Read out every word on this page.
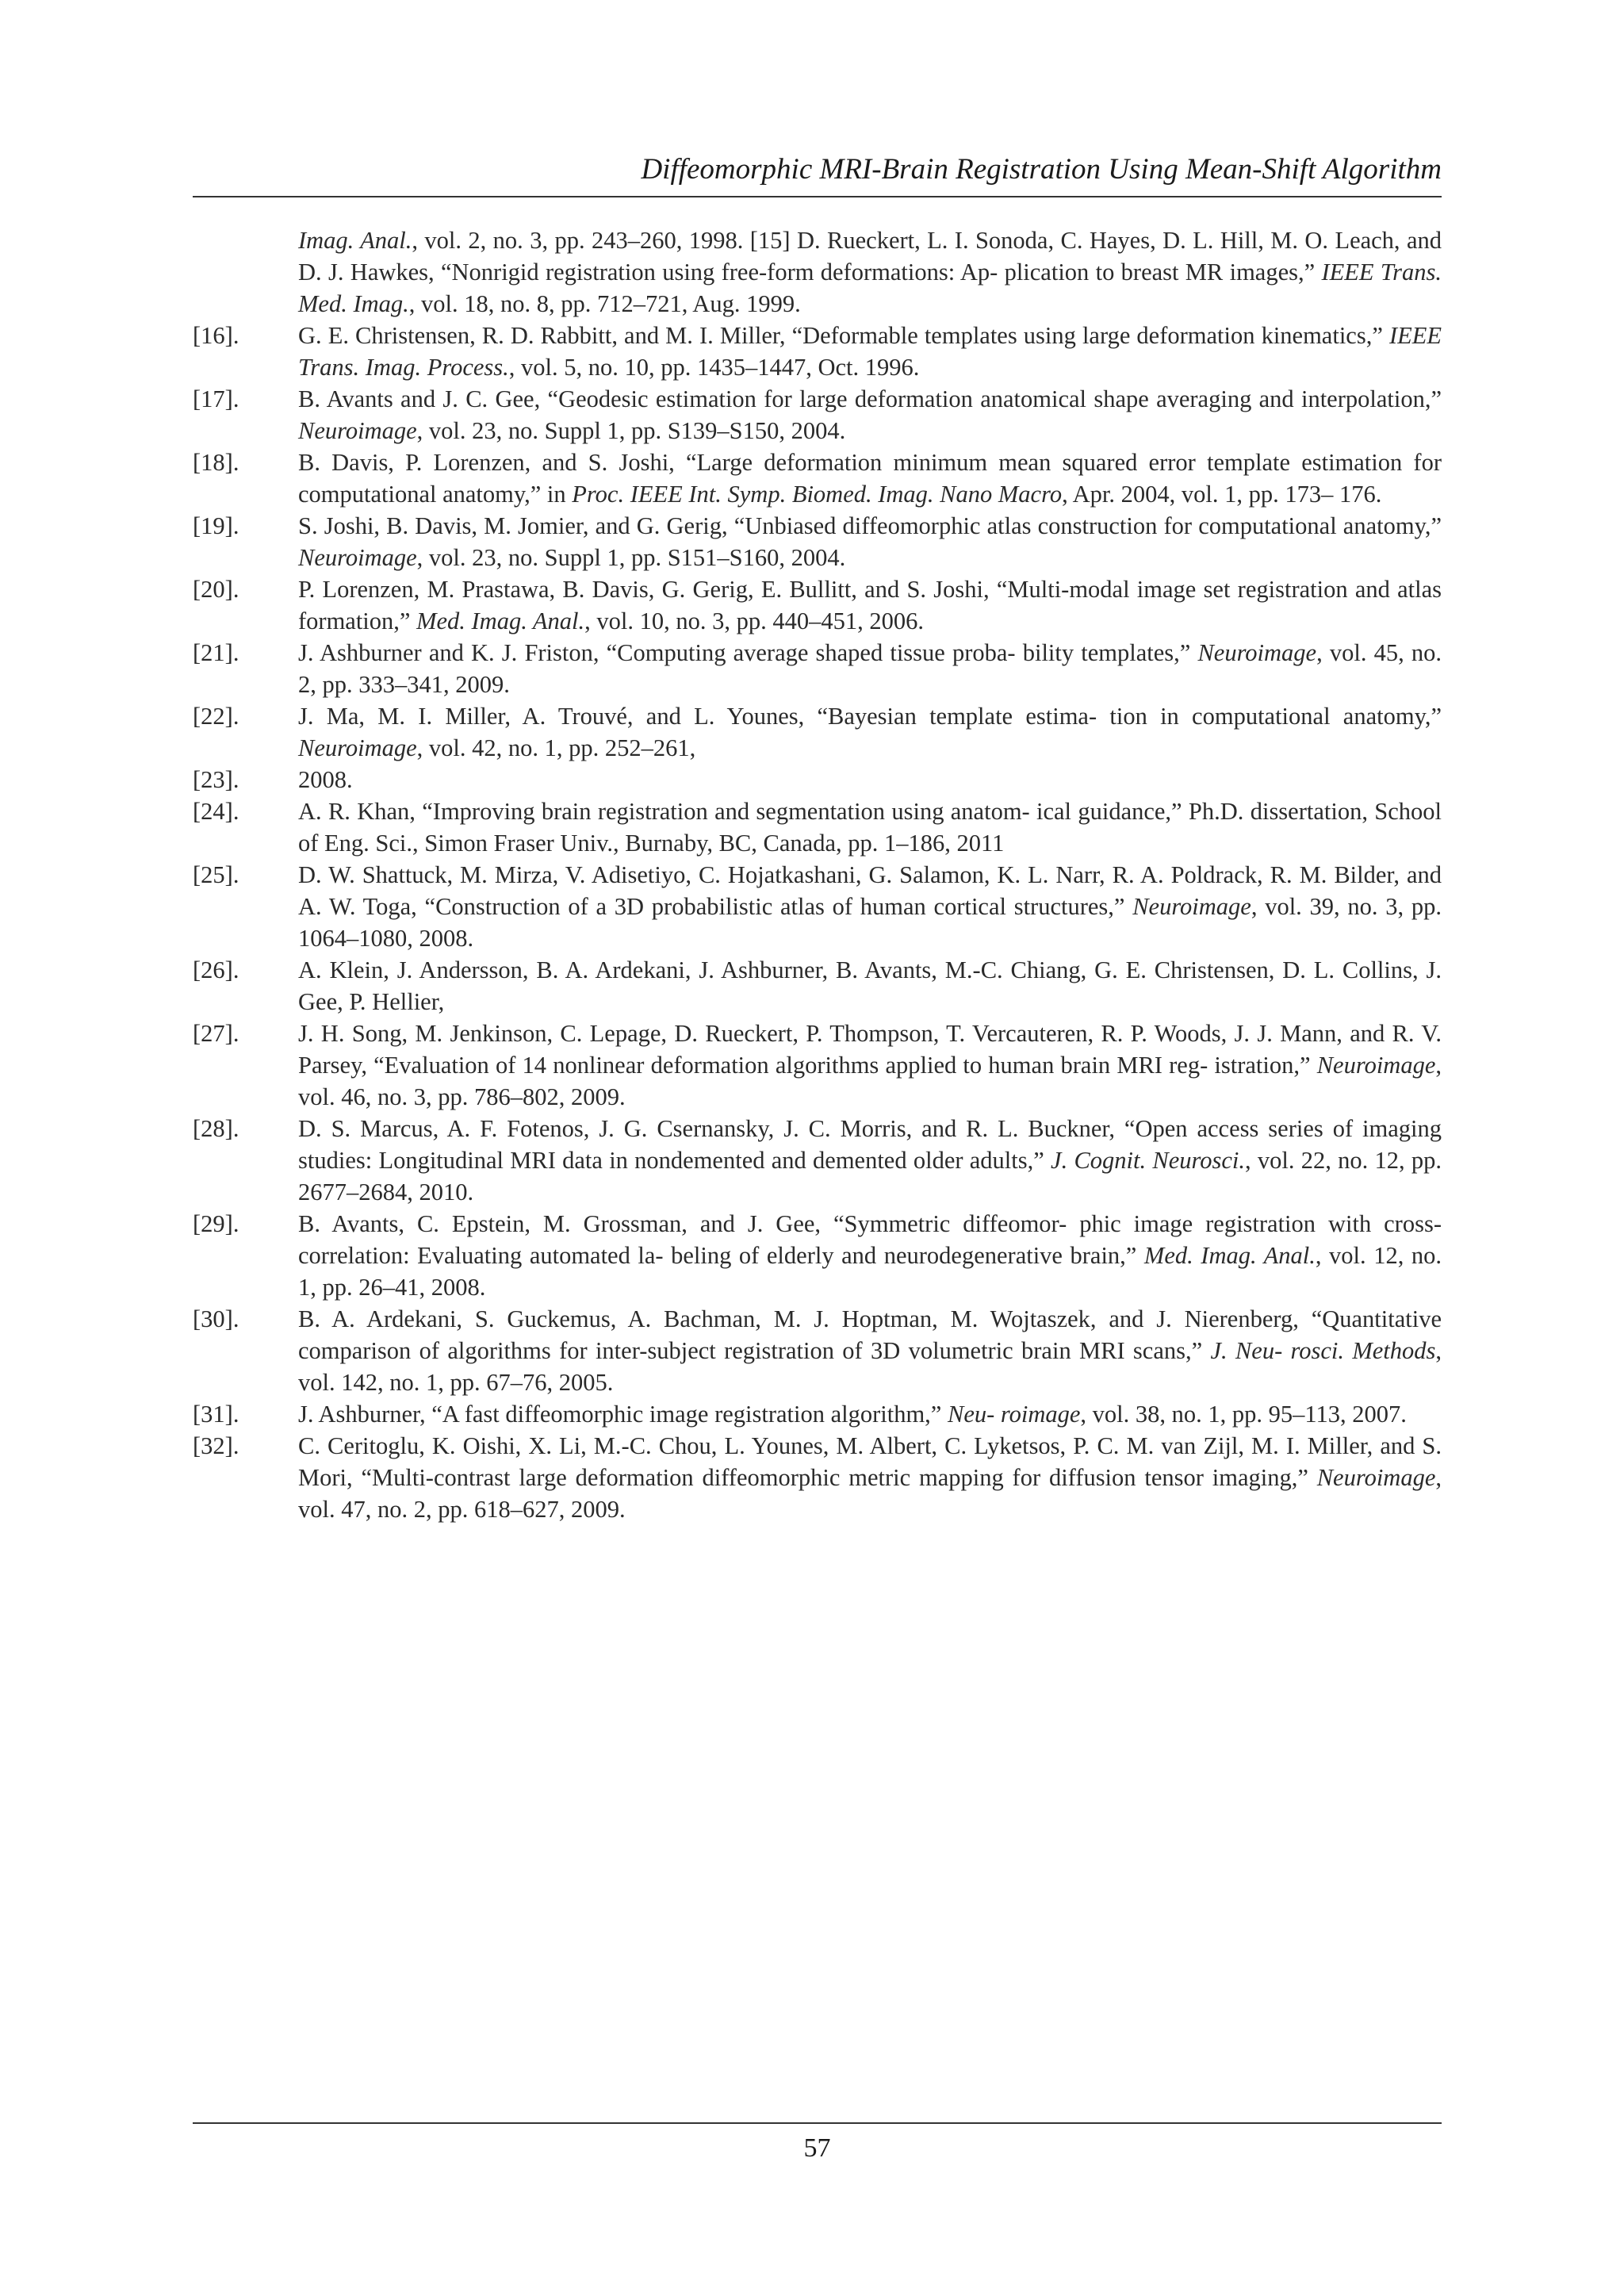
Diffeomorphic MRI-Brain Registration Using Mean-Shift Algorithm
Imag. Anal., vol. 2, no. 3, pp. 243–260, 1998. [15] D. Rueckert, L. I. Sonoda, C. Hayes, D. L. Hill, M. O. Leach, and D. J. Hawkes, “Nonrigid registration using free-form deformations: Ap- plication to breast MR images,” IEEE Trans. Med. Imag., vol. 18, no. 8, pp. 712–721, Aug. 1999.
[16].	G. E. Christensen, R. D. Rabbitt, and M. I. Miller, “Deformable templates using large deformation kinematics,” IEEE Trans. Imag. Process., vol. 5, no. 10, pp. 1435–1447, Oct. 1996.
[17].	B. Avants and J. C. Gee, “Geodesic estimation for large deformation anatomical shape averaging and interpolation,” Neuroimage, vol. 23, no. Suppl 1, pp. S139–S150, 2004.
[18].	B. Davis, P. Lorenzen, and S. Joshi, “Large deformation minimum mean squared error template estimation for computational anatomy,” in Proc. IEEE Int. Symp. Biomed. Imag. Nano Macro, Apr. 2004, vol. 1, pp. 173– 176.
[19].	S. Joshi, B. Davis, M. Jomier, and G. Gerig, “Unbiased diffeomorphic atlas construction for computational anatomy,” Neuroimage, vol. 23, no. Suppl 1, pp. S151–S160, 2004.
[20].	P. Lorenzen, M. Prastawa, B. Davis, G. Gerig, E. Bullitt, and S. Joshi, “Multi-modal image set registration and atlas formation,” Med. Imag. Anal., vol. 10, no. 3, pp. 440–451, 2006.
[21].	J. Ashburner and K. J. Friston, “Computing average shaped tissue proba- bility templates,” Neuroimage, vol. 45, no. 2, pp. 333–341, 2009.
[22].	J. Ma, M. I. Miller, A. Trouvé, and L. Younes, “Bayesian template estima- tion in computational anatomy,” Neuroimage, vol. 42, no. 1, pp. 252–261,
[23].	2008.
[24].	A. R. Khan, “Improving brain registration and segmentation using anatom- ical guidance,” Ph.D. dissertation, School of Eng. Sci., Simon Fraser Univ., Burnaby, BC, Canada, pp. 1–186, 2011
[25].	D. W. Shattuck, M. Mirza, V. Adisetiyo, C. Hojatkashani, G. Salamon, K. L. Narr, R. A. Poldrack, R. M. Bilder, and A. W. Toga, “Construction of a 3D probabilistic atlas of human cortical structures,” Neuroimage, vol. 39, no. 3, pp. 1064–1080, 2008.
[26].	A. Klein, J. Andersson, B. A. Ardekani, J. Ashburner, B. Avants, M.-C. Chiang, G. E. Christensen, D. L. Collins, J. Gee, P. Hellier,
[27].	J. H. Song, M. Jenkinson, C. Lepage, D. Rueckert, P. Thompson, T. Vercauteren, R. P. Woods, J. J. Mann, and R. V. Parsey, “Evaluation of 14 nonlinear deformation algorithms applied to human brain MRI reg- istration,” Neuroimage, vol. 46, no. 3, pp. 786–802, 2009.
[28].	D. S. Marcus, A. F. Fotenos, J. G. Csernansky, J. C. Morris, and R. L. Buckner, “Open access series of imaging studies: Longitudinal MRI data in nondemented and demented older adults,” J. Cognit. Neurosci., vol. 22, no. 12, pp. 2677–2684, 2010.
[29].	B. Avants, C. Epstein, M. Grossman, and J. Gee, “Symmetric diffeomor- phic image registration with cross-correlation: Evaluating automated la- beling of elderly and neurodegenerative brain,” Med. Imag. Anal., vol. 12, no. 1, pp. 26–41, 2008.
[30].	B. A. Ardekani, S. Guckemus, A. Bachman, M. J. Hoptman, M. Wojtaszek, and J. Nierenberg, “Quantitative comparison of algorithms for inter-subject registration of 3D volumetric brain MRI scans,” J. Neu- rosci. Methods, vol. 142, no. 1, pp. 67–76, 2005.
[31].	J. Ashburner, “A fast diffeomorphic image registration algorithm,” Neu- roimage, vol. 38, no. 1, pp. 95–113, 2007.
[32].	C. Ceritoglu, K. Oishi, X. Li, M.-C. Chou, L. Younes, M. Albert, C. Lyketsos, P. C. M. van Zijl, M. I. Miller, and S. Mori, “Multi-contrast large deformation diffeomorphic metric mapping for diffusion tensor imaging,” Neuroimage, vol. 47, no. 2, pp. 618–627, 2009.
57
